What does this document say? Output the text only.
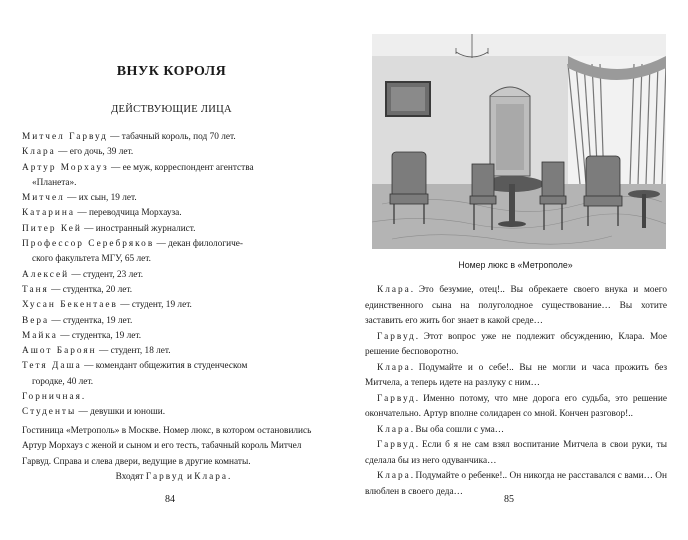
ВНУК КОРОЛЯ
ДЕЙСТВУЮЩИЕ ЛИЦА
Митчел Гарвуд — табачный король, под 70 лет.
Клара — его дочь, 39 лет.
Артур Морхауз — ее муж, корреспондент агентства
«Планета».
Митчел — их сын, 19 лет.
Катарина — переводчица Морхауза.
Питер Кей — иностранный журналист.
Профессор Серебряков — декан филологиче-
ского факультета МГУ, 65 лет.
Алексей — студент, 23 лет.
Таня — студентка, 20 лет.
Хусан Бекентаев — студент, 19 лет.
Вера — студентка, 19 лет.
Майка — студентка, 19 лет.
Ашот Бароян — студент, 18 лет.
Тетя Даша — комендант общежития в студенческом
городке, 40 лет.
Горничная.
Студенты — девушки и юноши.

Гостиница «Метрополь» в Москве. Номер люкс, в котором остановились Артур Морхауз с женой и сыном и его тесть, табачный король Митчел Гарвуд. Справа и слева двери, ведущие в другие комнаты.

Входят Гарвуд и Клара.

84
Номер люкс в «Метрополе»

Клара. Это безумие, отец!.. Вы обрекаете своего внука и моего единственного сына на полуголодное существование… Вы хотите заставить его жить бог знает в какой среде…

Гарвуд. Этот вопрос уже не подлежит обсуждению, Клара. Мое решение бесповоротно.

Клара. Подумайте и о себе!.. Вы не могли и часа прожить без Митчела, а теперь идете на разлуку с ним…

Гарвуд. Именно потому, что мне дорога его судьба, это решение окончательно. Артур вполне солидарен со мной. Кончен разговор!..

Клара. Вы оба сошли с ума…

Гарвуд. Если б я не сам взял воспитание Митчела в свои руки, ты сделала бы из него одуванчика…

Клара. Подумайте о ребенке!.. Он никогда не расставался с вами… Он влюблен в своего деда…

85
